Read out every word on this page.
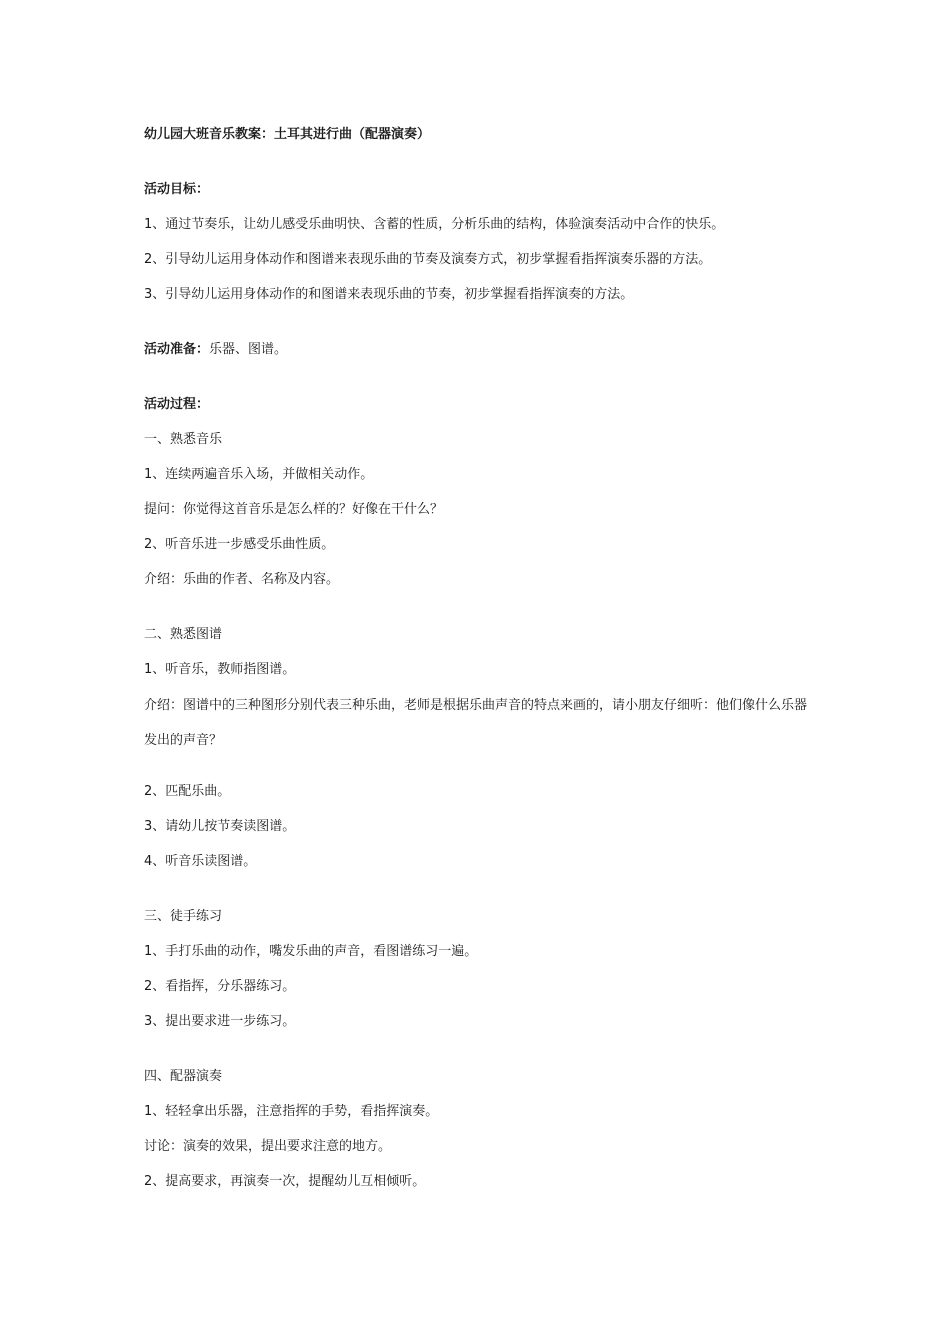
幼儿园大班音乐教案：土耳其进行曲（配器演奏）

活动目标：

1、通过节奏乐，让幼儿感受乐曲明快、含蓄的性质，分析乐曲的结构，体验演奏活动中合作的快乐。

2、引导幼儿运用身体动作和图谱来表现乐曲的节奏及演奏方式，初步掌握看指挥演奏乐器的方法。

3、引导幼儿运用身体动作的和图谱来表现乐曲的节奏，初步掌握看指挥演奏的方法。

活动准备：乐器、图谱。

活动过程：

一、熟悉音乐

1、连续两遍音乐入场，并做相关动作。

提问：你觉得这首音乐是怎么样的？好像在干什么？

2、听音乐进一步感受乐曲性质。

介绍：乐曲的作者、名称及内容。

二、熟悉图谱

1、听音乐，教师指图谱。

介绍：图谱中的三种图形分别代表三种乐曲，老师是根据乐曲声音的特点来画的，请小朋友仔细听：他们像什么乐器发出的声音？

2、匹配乐曲。

3、请幼儿按节奏读图谱。

4、听音乐读图谱。

三、徒手练习

1、手打乐曲的动作，嘴发乐曲的声音，看图谱练习一遍。

2、看指挥，分乐器练习。

3、提出要求进一步练习。

四、配器演奏

1、轻轻拿出乐器，注意指挥的手势，看指挥演奏。

讨论：演奏的效果，提出要求注意的地方。

2、提高要求，再演奏一次，提醒幼儿互相倾听。
